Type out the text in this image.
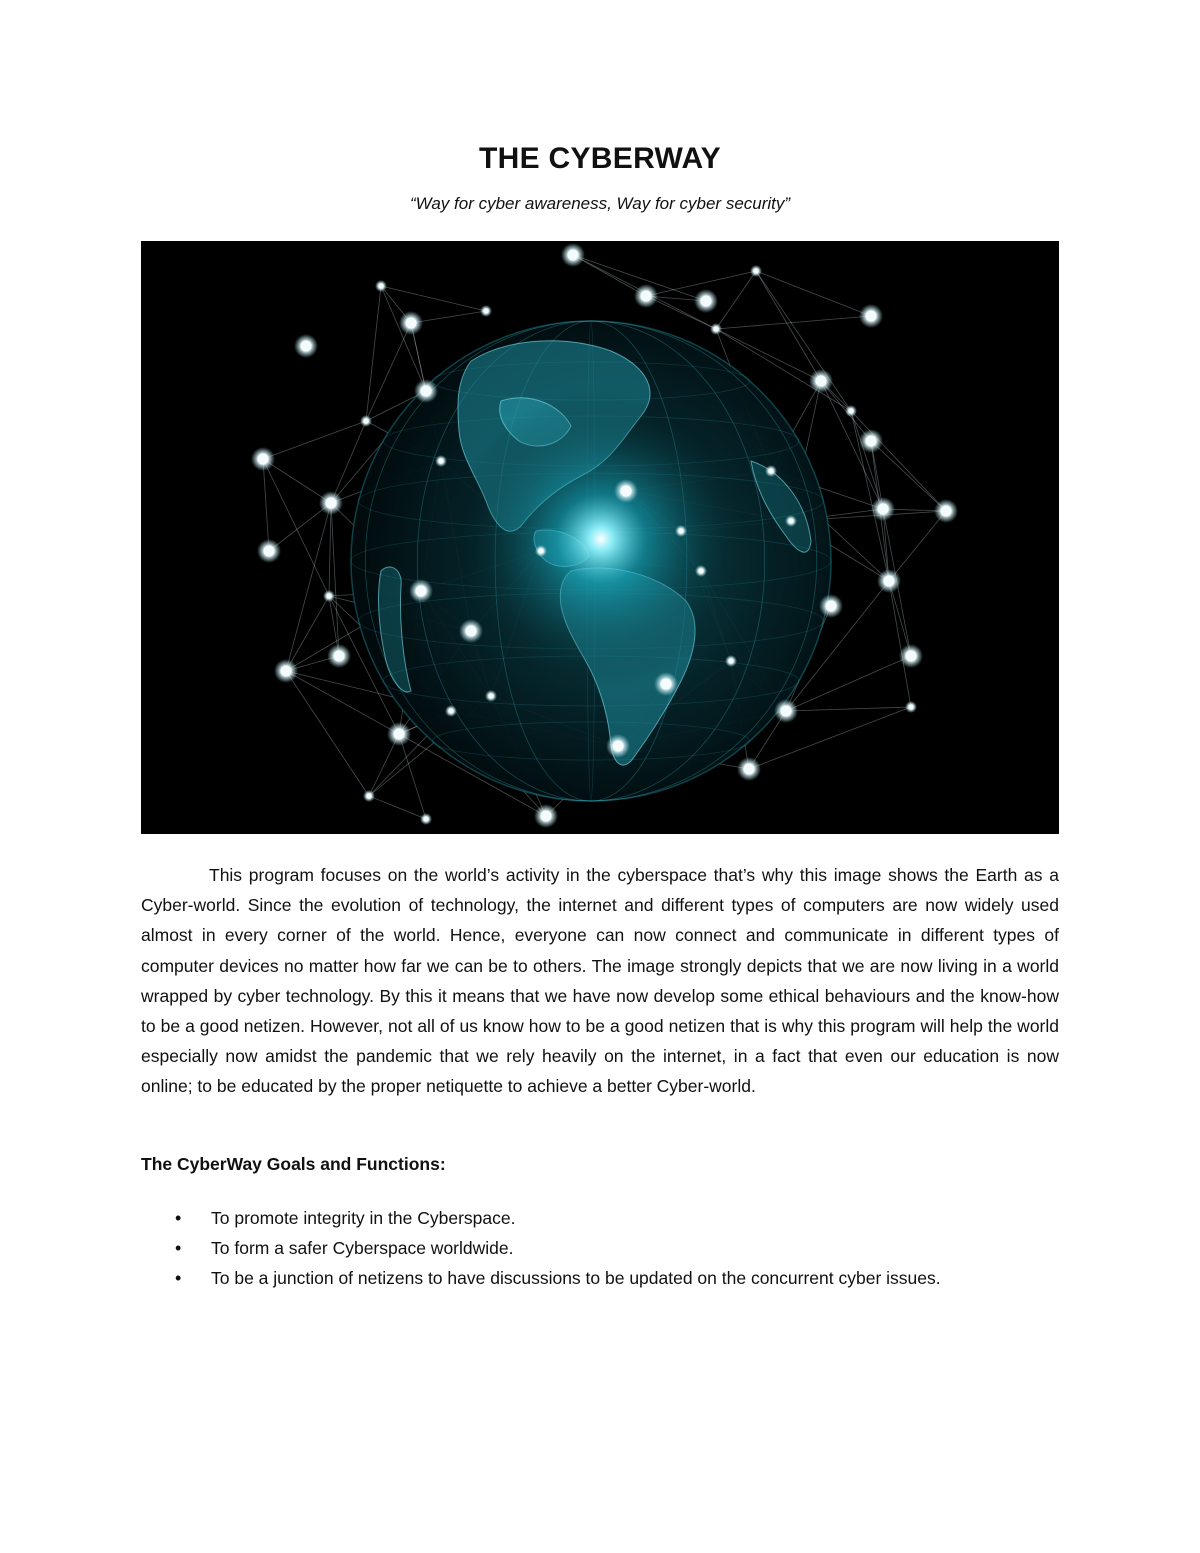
THE CYBERWAY
“Way for cyber awareness, Way for cyber security”

This program focuses on the world’s activity in the cyberspace that’s why this image shows the Earth as a Cyber-world. Since the evolution of technology, the internet and different types of computers are now widely used almost in every corner of the world. Hence, everyone can now connect and communicate in different types of computer devices no matter how far we can be to others. The image strongly depicts that we are now living in a world wrapped by cyber technology. By this it means that we have now develop some ethical behaviours and the know-how to be a good netizen. However, not all of us know how to be a good netizen that is why this program will help the world especially now amidst the pandemic that we rely heavily on the internet, in a fact that even our education is now online; to be educated by the proper netiquette to achieve a better Cyber-world.

The CyberWay Goals and Functions:
• To promote integrity in the Cyberspace.
• To form a safer Cyberspace worldwide.
• To be a junction of netizens to have discussions to be updated on the concurrent cyber issues.
